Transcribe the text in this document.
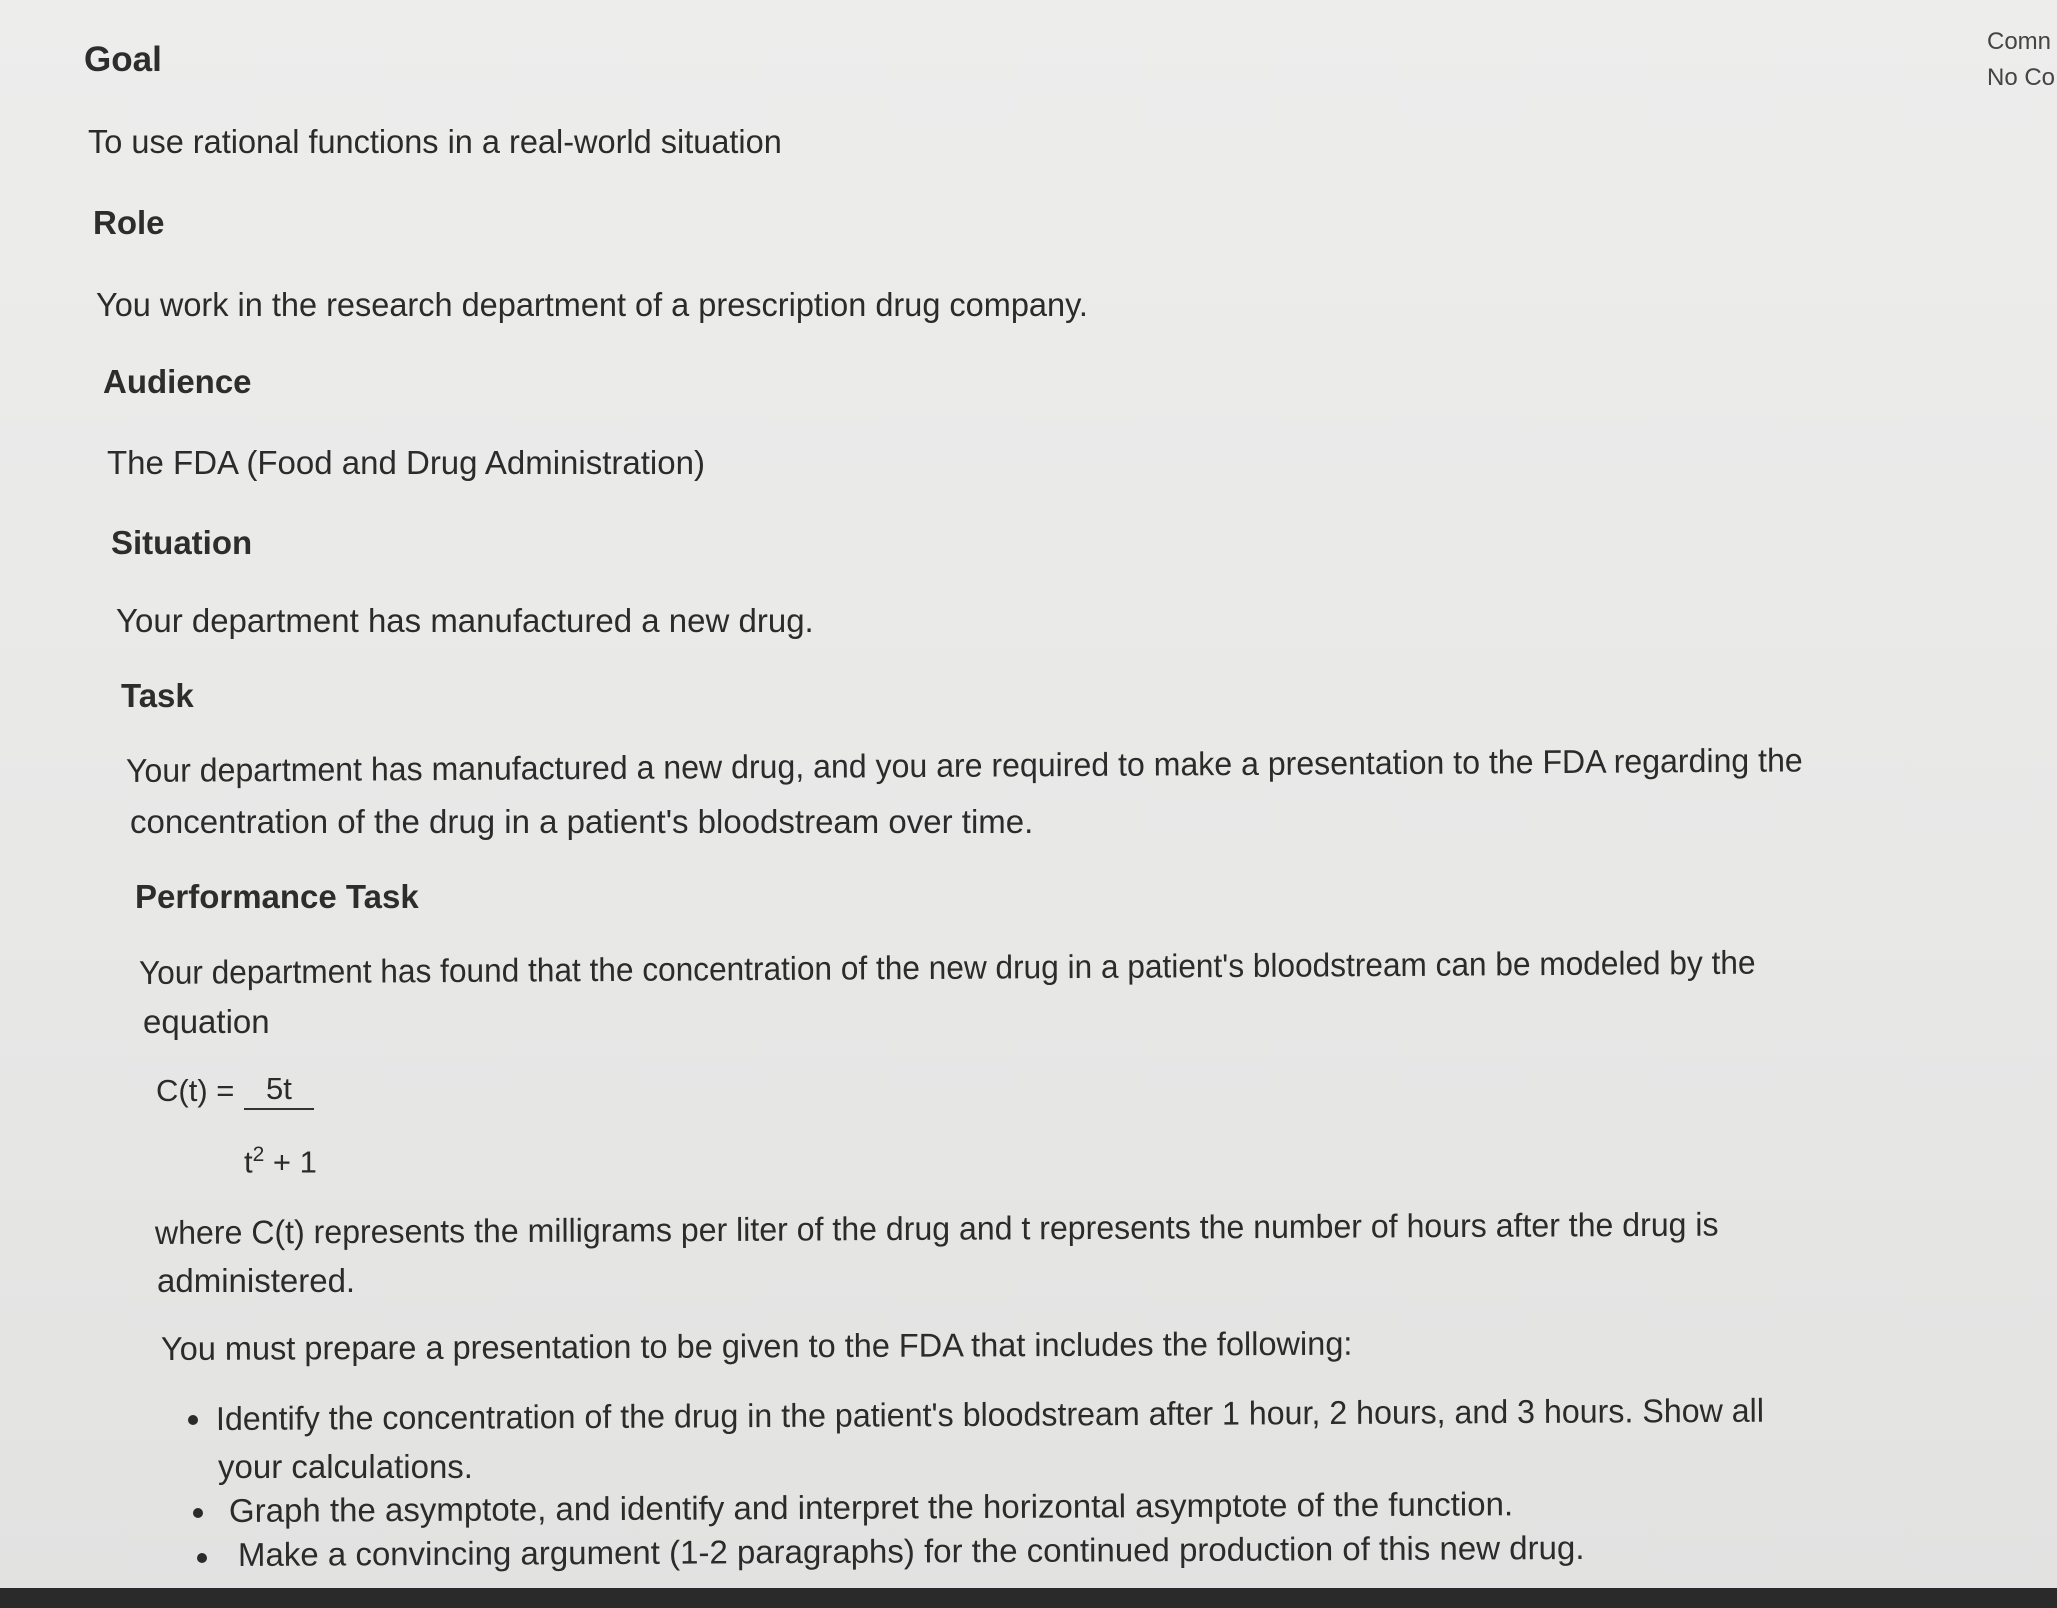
Goal
To use rational functions in a real-world situation
Role
You work in the research department of a prescription drug company.
Audience
The FDA (Food and Drug Administration)
Situation
Your department has manufactured a new drug.
Task
Your department has manufactured a new drug, and you are required to make a presentation to the FDA regarding the
concentration of the drug in a patient's bloodstream over time.
Performance Task
Your department has found that the concentration of the new drug in a patient's bloodstream can be modeled by the
equation
C(t) =	5t
$t^2 + 1$
where C(t) represents the milligrams per liter of the drug and t represents the number of hours after the drug is
administered.
You must prepare a presentation to be given to the FDA that includes the following:
Identify the concentration of the drug in the patient's bloodstream after 1 hour, 2 hours, and 3 hours. Show all
your calculations.
Graph the asymptote, and identify and interpret the horizontal asymptote of the function.
Make a convincing argument (1-2 paragraphs) for the continued production of this new drug.
Comn
No Co
